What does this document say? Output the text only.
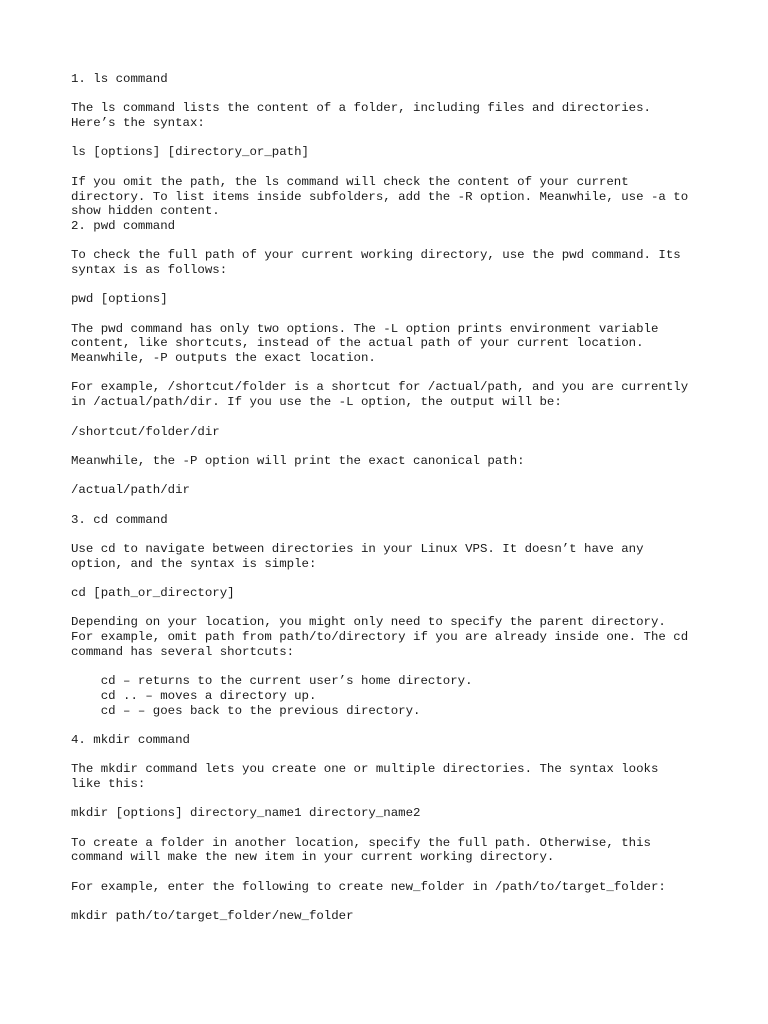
1. ls command
The ls command lists the content of a folder, including files and directories.
Here’s the syntax:
ls [options] [directory_or_path]
If you omit the path, the ls command will check the content of your current
directory. To list items inside subfolders, add the -R option. Meanwhile, use -a to
show hidden content.
2. pwd command
To check the full path of your current working directory, use the pwd command. Its
syntax is as follows:
pwd [options]
The pwd command has only two options. The -L option prints environment variable
content, like shortcuts, instead of the actual path of your current location.
Meanwhile, -P outputs the exact location.
For example, /shortcut/folder is a shortcut for /actual/path, and you are currently
in /actual/path/dir. If you use the -L option, the output will be:
/shortcut/folder/dir
Meanwhile, the -P option will print the exact canonical path:
/actual/path/dir
3. cd command
Use cd to navigate between directories in your Linux VPS. It doesn’t have any
option, and the syntax is simple:
cd [path_or_directory]
Depending on your location, you might only need to specify the parent directory.
For example, omit path from path/to/directory if you are already inside one. The cd
command has several shortcuts:
cd – returns to the current user’s home directory.
cd .. – moves a directory up.
cd – – goes back to the previous directory.
4. mkdir command
The mkdir command lets you create one or multiple directories. The syntax looks
like this:
mkdir [options] directory_name1 directory_name2
To create a folder in another location, specify the full path. Otherwise, this
command will make the new item in your current working directory.
For example, enter the following to create new_folder in /path/to/target_folder:
mkdir path/to/target_folder/new_folder
